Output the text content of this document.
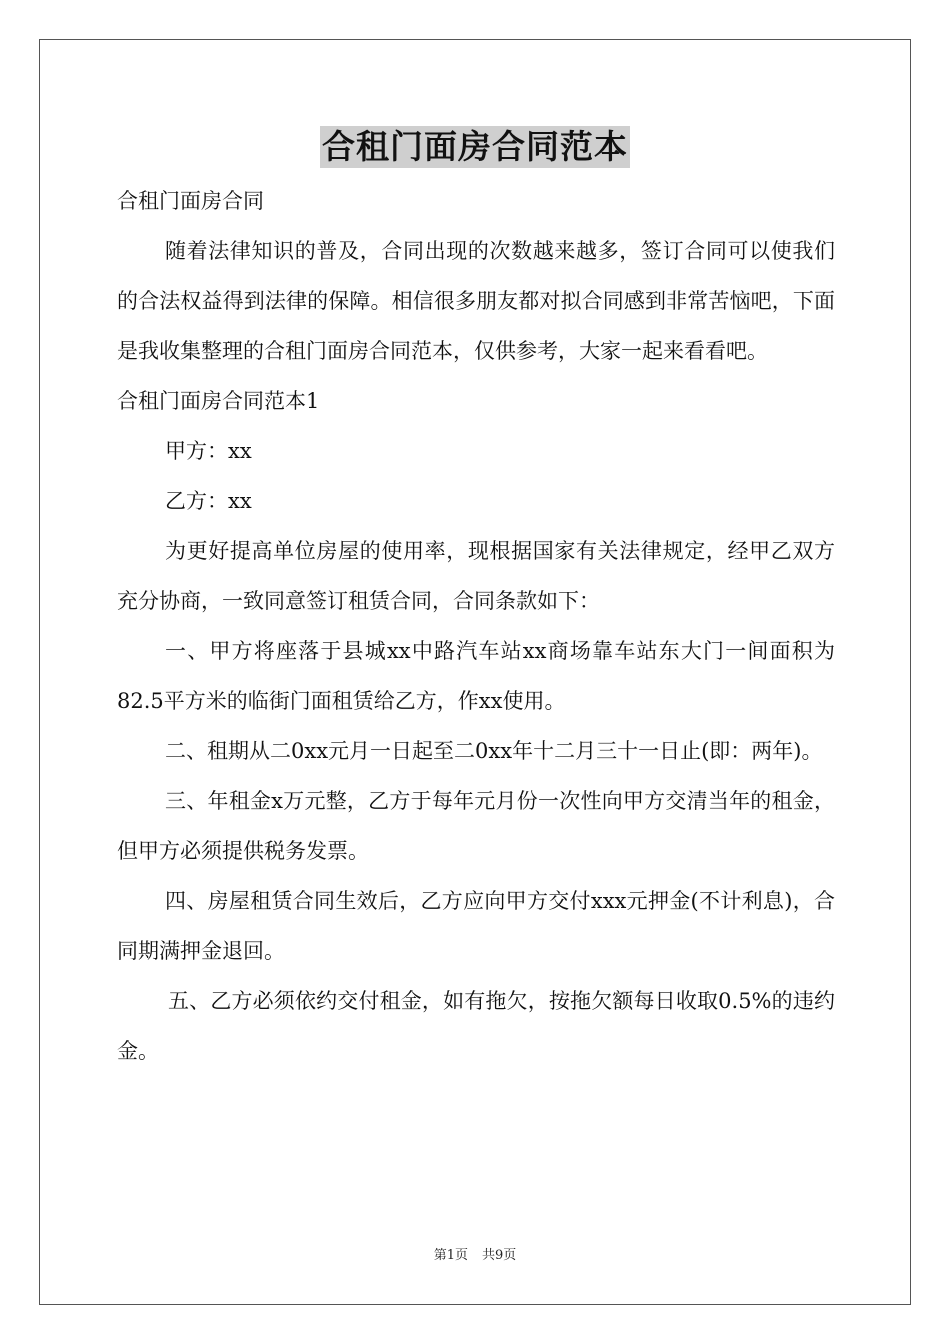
合租门面房合同范本

合租门面房合同

随着法律知识的普及，合同出现的次数越来越多，签订合同可以使我们的合法权益得到法律的保障。相信很多朋友都对拟合同感到非常苦恼吧，下面是我收集整理的合租门面房合同范本，仅供参考，大家一起来看看吧。

合租门面房合同范本1

甲方：xx

乙方：xx

为更好提高单位房屋的使用率，现根据国家有关法律规定，经甲乙双方充分协商，一致同意签订租赁合同，合同条款如下：

一、甲方将座落于县城xx中路汽车站xx商场靠车站东大门一间面积为82.5平方米的临街门面租赁给乙方，作xx使用。

二、租期从二0xx元月一日起至二0xx年十二月三十一日止(即：两年)。

三、年租金x万元整，乙方于每年元月份一次性向甲方交清当年的租金，但甲方必须提供税务发票。

四、房屋租赁合同生效后，乙方应向甲方交付xxx元押金(不计利息)，合同期满押金退回。

五、乙方必须依约交付租金，如有拖欠，按拖欠额每日收取0.5%的违约金。

第1页 共9页
